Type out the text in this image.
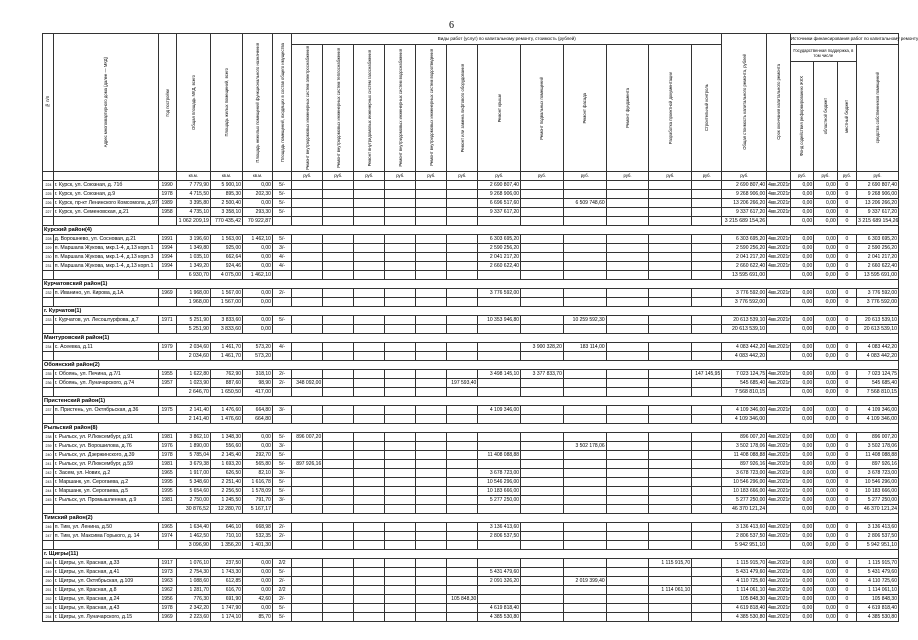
6
№ п/п	Адрес многоквартирного дома (далее — МКД)	Год постройки	Общая площадь МКД, всего	Площадь жилых помещений, всего	Площадь нежилых помещений функционального назначения	Площадь помещений, входящих в состав общего имущества	Виды работ (услуг) по капитальному ремонту, стоимость (рублей)												Общая стоимость капитального ремонта, рублей	Срок окончания капитального ремонта	Источники финансирования работ по капитальному ремонту			

							Ремонт внутридомовых инженерных систем электроснабжения	Ремонт внутридомовых инженерных систем теплоснабжения	Ремонт внутридомовых инженерных систем газоснабжения	Ремонт внутридомовых инженерных систем водоснабжения	Ремонт внутридомовых инженерных систем водоотведения	Ремонт или замена лифтового оборудования	Ремонт крыши	Ремонт подвальных помещений	Ремонт фасада	Ремонт фундамента	Разработка проектной документации	Строительный контроль			Государственная поддержка, в том числе			средства собственников помещений

																					Фонд содействия реформированию ЖКХ	областной бюджет	местный бюджет	

			кв.м.	кв.м.	кв.м.		руб.	руб.	руб.	руб.	руб.	руб.	руб.	руб.	руб.	руб.	руб.	руб.	руб.		руб.	руб.	руб.	руб.
224	г. Курск, ул. Союзная, д. 71б	1990	7 779,90	5 900,10	0,00	5/-							2 690 807,40						2 690 807,40	4кв.2021г	0,00	0,00	0	2 690 807,40
225	г. Курск, ул. Союзная, д.9	1978	4 715,50	895,30	202,30	5/-							9 268 906,00						9 268 906,00	4кв.2021г	0,00	0,00	0	9 268 906,00
226	г. Курск, пр-кт Ленинского Комсомола, д.97	1989	3 395,80	2 500,40	0,00	5/-							6 696 517,60		6 509 748,60				13 206 266,20	4кв.2021г	0,00	0,00	0	13 206 266,20
227	г. Курск, ул. Семеновская, д.21	1958	4 735,10	3 358,10	293,30	5/-							9 337 617,20						9 337 617,20	4кв.2021г	0,00	0,00	0	9 337 617,20
			1 062 209,19	770 435,42	70 922,87														3 215 689 154,26		0,00	0,00	0	3 215 689 154,26
Курский район(4)																								
228	д. Ворошнево, ул. Сосновая, д.21	1991	3 196,60	1 563,00	1 462,10	5/-							6 303 695,20						6 303 695,20	4кв.2021г	0,00	0,00	0	6 303 695,20
229	п. Маршала Жукова, мкр.1-4, д.13 корп.1	1994	1 349,80	925,00	0,00	3/-							2 590 256,20						2 590 256,20	4кв.2021г	0,00	0,00	0	2 590 256,20
230	п. Маршала Жукова, мкр.1-4, д.13 корп.3	1994	1 035,10	662,64	0,00	4/-							2 041 217,20						2 041 217,20	4кв.2021г	0,00	0,00	0	2 041 217,20
231	п. Маршала Жукова, мкр.1-4, д.13 корп.1	1994	1 349,20	924,46	0,00	4/-							2 660 622,40						2 660 622,40	4кв.2021г	0,00	0,00	0	2 660 622,40
			6 930,70	4 075,00	1 462,10														13 595 691,00		0,00	0,00	0	13 595 691,00
Курчатовский район(1)																								
232	п. Иванино, ул. Кирова, д.1А	1969	1 968,00	1 567,00	0,00	2/-							3 776 592,00						3 776 592,00	4кв.2021г	0,00	0,00	0	3 776 592,00
			1 968,00	1 567,00	0,00														3 776 592,00		0,00	0,00	0	3 776 592,00
г. Курчатов(1)																								
233	г. Курчатов, ул. Лесоштурфова, д.7	1971	5 251,90	3 833,60	0,00	5/-							10 353 946,80		10 259 592,30				20 613 539,10	4кв.2021г	0,00	0,00	0	20 613 539,10
			5 251,90	3 833,60	0,00														20 613 539,10		0,00	0,00	0	20 613 539,10
Мантуровский район(1)																								
234	с. Асеевка, д.11	1979	2 034,60	1 461,70	573,20	4/-								3 900 328,20	183 114,00				4 083 442,20	4кв.2021г	0,00	0,00	0	4 083 442,20
			2 034,60	1 461,70	573,20														4 083 442,20		0,00	0,00	0	4 083 442,20
Обоянский район(2)																								
235	г. Обоянь, ул. Печина, д.7/1	1955	1 622,80	762,90	318,10	2/-							3 498 145,10	3 377 833,70				147 145,95	7 023 124,75	4кв.2021г	0,00	0,00	0	7 023 124,75
236	г. Обоянь, ул. Луначарского, д.74	1957	1 023,90	887,60	98,90	2/-	348 092,00					197 593,40							545 685,40	4кв.2021г	0,00	0,00	0	545 685,40
			2 646,70	1 650,50	417,00														7 568 810,15		0,00	0,00	0	7 568 810,15
Пристенский район(1)																								
237	п. Пристень, ул. Октябрьская, д.36	1975	2 141,40	1 476,60	664,80	3/-							4 109 346,00						4 109 346,00	4кв.2021г	0,00	0,00	0	4 109 346,00
			2 141,40	1 476,60	664,80														4 109 346,00		0,00	0,00	0	4 109 346,00
Рыльский район(8)																								
238	г. Рыльск, ул. Р.Люксембург, д.91	1981	3 862,10	1 348,30	0,00	5/-	896 007,20												896 007,20	4кв.2021г	0,00	0,00	0	896 007,20
239	г. Рыльск, ул. Ворошилова, д.76	1976	1 890,00	556,60	0,00	3/-									3 502 178,06				3 502 178,06	4кв.2021г	0,00	0,00	0	3 502 178,06
240	г. Рыльск, ул. Дзержинского, д.39	1978	5 785,04	2 145,40	292,70	5/-							11 408 088,88						11 408 088,88	4кв.2021г	0,00	0,00	0	11 408 088,88
241	г. Рыльск, ул. Р.Люксембург, д.59	1981	3 679,38	1 693,20	565,80	5/-	897 926,16												897 926,16	4кв.2021г	0,00	0,00	0	897 926,16
242	г. Засем, ул. Нових, д.2	1965	1 917,00	626,50	82,10	3/-							3 678 723,00						3 678 723,00	4кв.2021г	0,00	0,00	0	3 678 723,00
243	г. Маршанк, ул. Серогаева, д.2	1995	5 348,60	2 251,40	1 616,78	5/-							10 546 296,00						10 546 296,00	4кв.2021г	0,00	0,00	0	10 546 296,00
244	г. Маршанк, ул. Серогаева, д.5	1995	5 654,60	2 256,50	1 578,09	5/-							10 183 666,00						10 183 666,00	4кв.2021г	0,00	0,00	0	10 183 666,00
245	г. Рыльск, ул. Промышленная, д.9	1981	2 750,00	1 245,50	791,70	3/-							5 277 250,00						5 277 250,00	4кв.2021г	0,00	0,00	0	5 277 250,00
			30 876,52	12 280,70	5 167,17														46 370 121,24		0,00	0,00	0	46 370 121,24
Тимский район(2)																								
246	п. Тим, ул. Ленина, д.50	1965	1 634,40	646,10	668,98	2/-							3 136 413,60						3 136 413,60	4кв.2021г	0,00	0,00	0	3 136 413,60
247	п. Тим, ул. Максима Горького, д. 14	1974	1 462,50	710,10	532,35	2/-							2 806 537,50						2 806 537,50	4кв.2021г	0,00	0,00	0	2 806 537,50
			3 096,90	1 356,20	1 401,30														5 942 951,10		0,00	0,00	0	5 942 951,10
г. Щигры(11)																								
248	г. Щигры, ул. Красная, д.33	1917	1 076,10	237,50	0,00	2/2											1 115 915,70		1 115 915,70	4кв.2021г	0,00	0,00	0	1 115 915,70
249	г. Щигры, ул. Красная, д.41	1973	2 754,30	1 743,30	0,00	5/-							5 431 479,60						5 431 479,60	4кв.2021г	0,00	0,00	0	5 431 479,60
250	г. Щигры, ул. Октябрьская, д.109	1963	1 088,60	612,85	0,00	2/-							2 091 326,20		2 019 399,40				4 110 725,60	4кв.2021г	0,00	0,00	0	4 110 725,60
251	г. Щигры, ул. Красная, д.8	1962	1 281,70	616,70	0,00	2/2											1 114 061,10		1 114 061,10	4кв.2021г	0,00	0,00	0	1 114 061,10
252	г. Щигры, ул. Красная, д.24	1956	776,30	691,90	42,60	2/-						105 848,30							105 848,30	4кв.2021г	0,00	0,00	0	105 848,30
253	г. Щигры, ул. Красная, д.43	1978	2 342,20	1 747,90	0,00	5/-							4 619 818,40						4 619 818,40	4кв.2021г	0,00	0,00	0	4 619 818,40
254	г. Щигры, ул. Луначарского, д.15	1969	2 223,60	1 174,10	85,70	5/-							4 385 530,80						4 385 530,80	4кв.2021г	0,00	0,00	0	4 385 530,80
